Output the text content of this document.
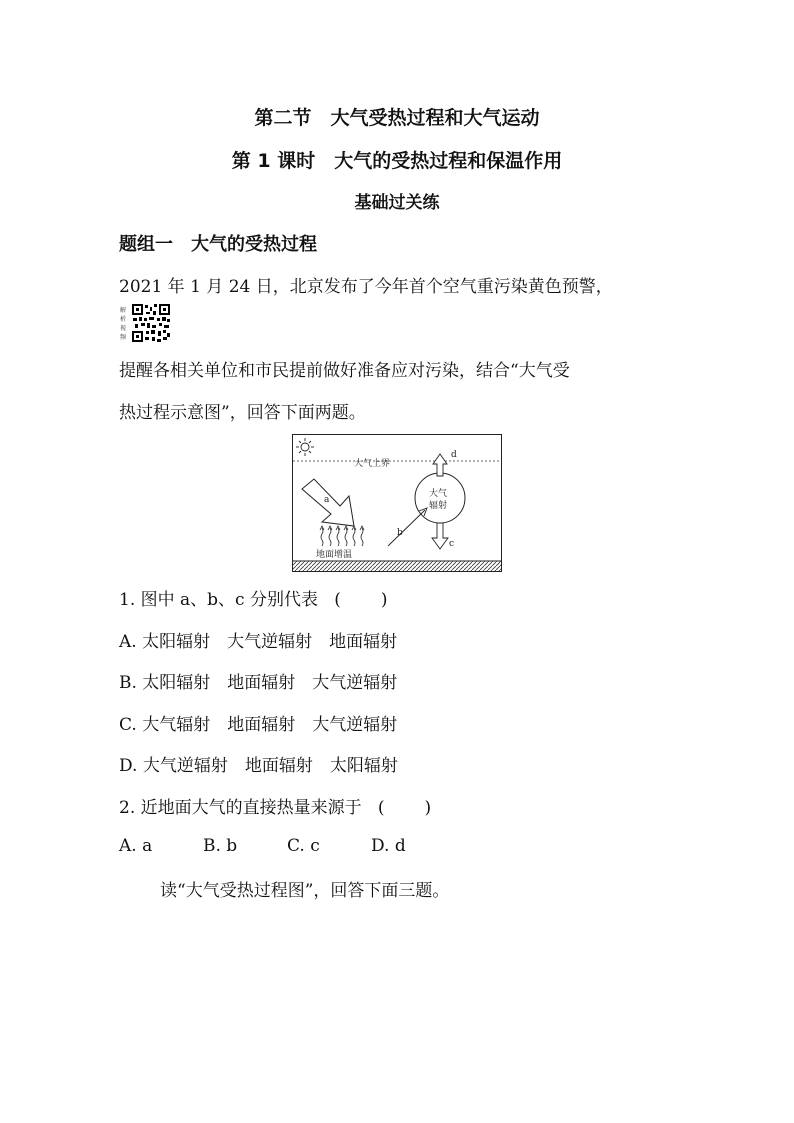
第二节　大气受热过程和大气运动
第 1 课时　大气的受热过程和保温作用
基础过关练
题组一　大气的受热过程
2021 年 1 月 24 日，北京发布了今年首个空气重污染黄色预警，
解
析
视
频
提醒各相关单位和市民提前做好准备应对污染，结合“大气受
热过程示意图”，回答下面两题。
大气上界
a
地面增温
大气
辐射
d
c
b
1. 图中 a、b、c 分别代表 ( )
A. 太阳辐射　大气逆辐射　地面辐射
B. 太阳辐射　地面辐射　大气逆辐射
C. 大气辐射　地面辐射　大气逆辐射
D. 大气逆辐射　地面辐射　太阳辐射
2. 近地面大气的直接热量来源于 ( )
A. a	B. b	C. c	D. d
读“大气受热过程图”，回答下面三题。
